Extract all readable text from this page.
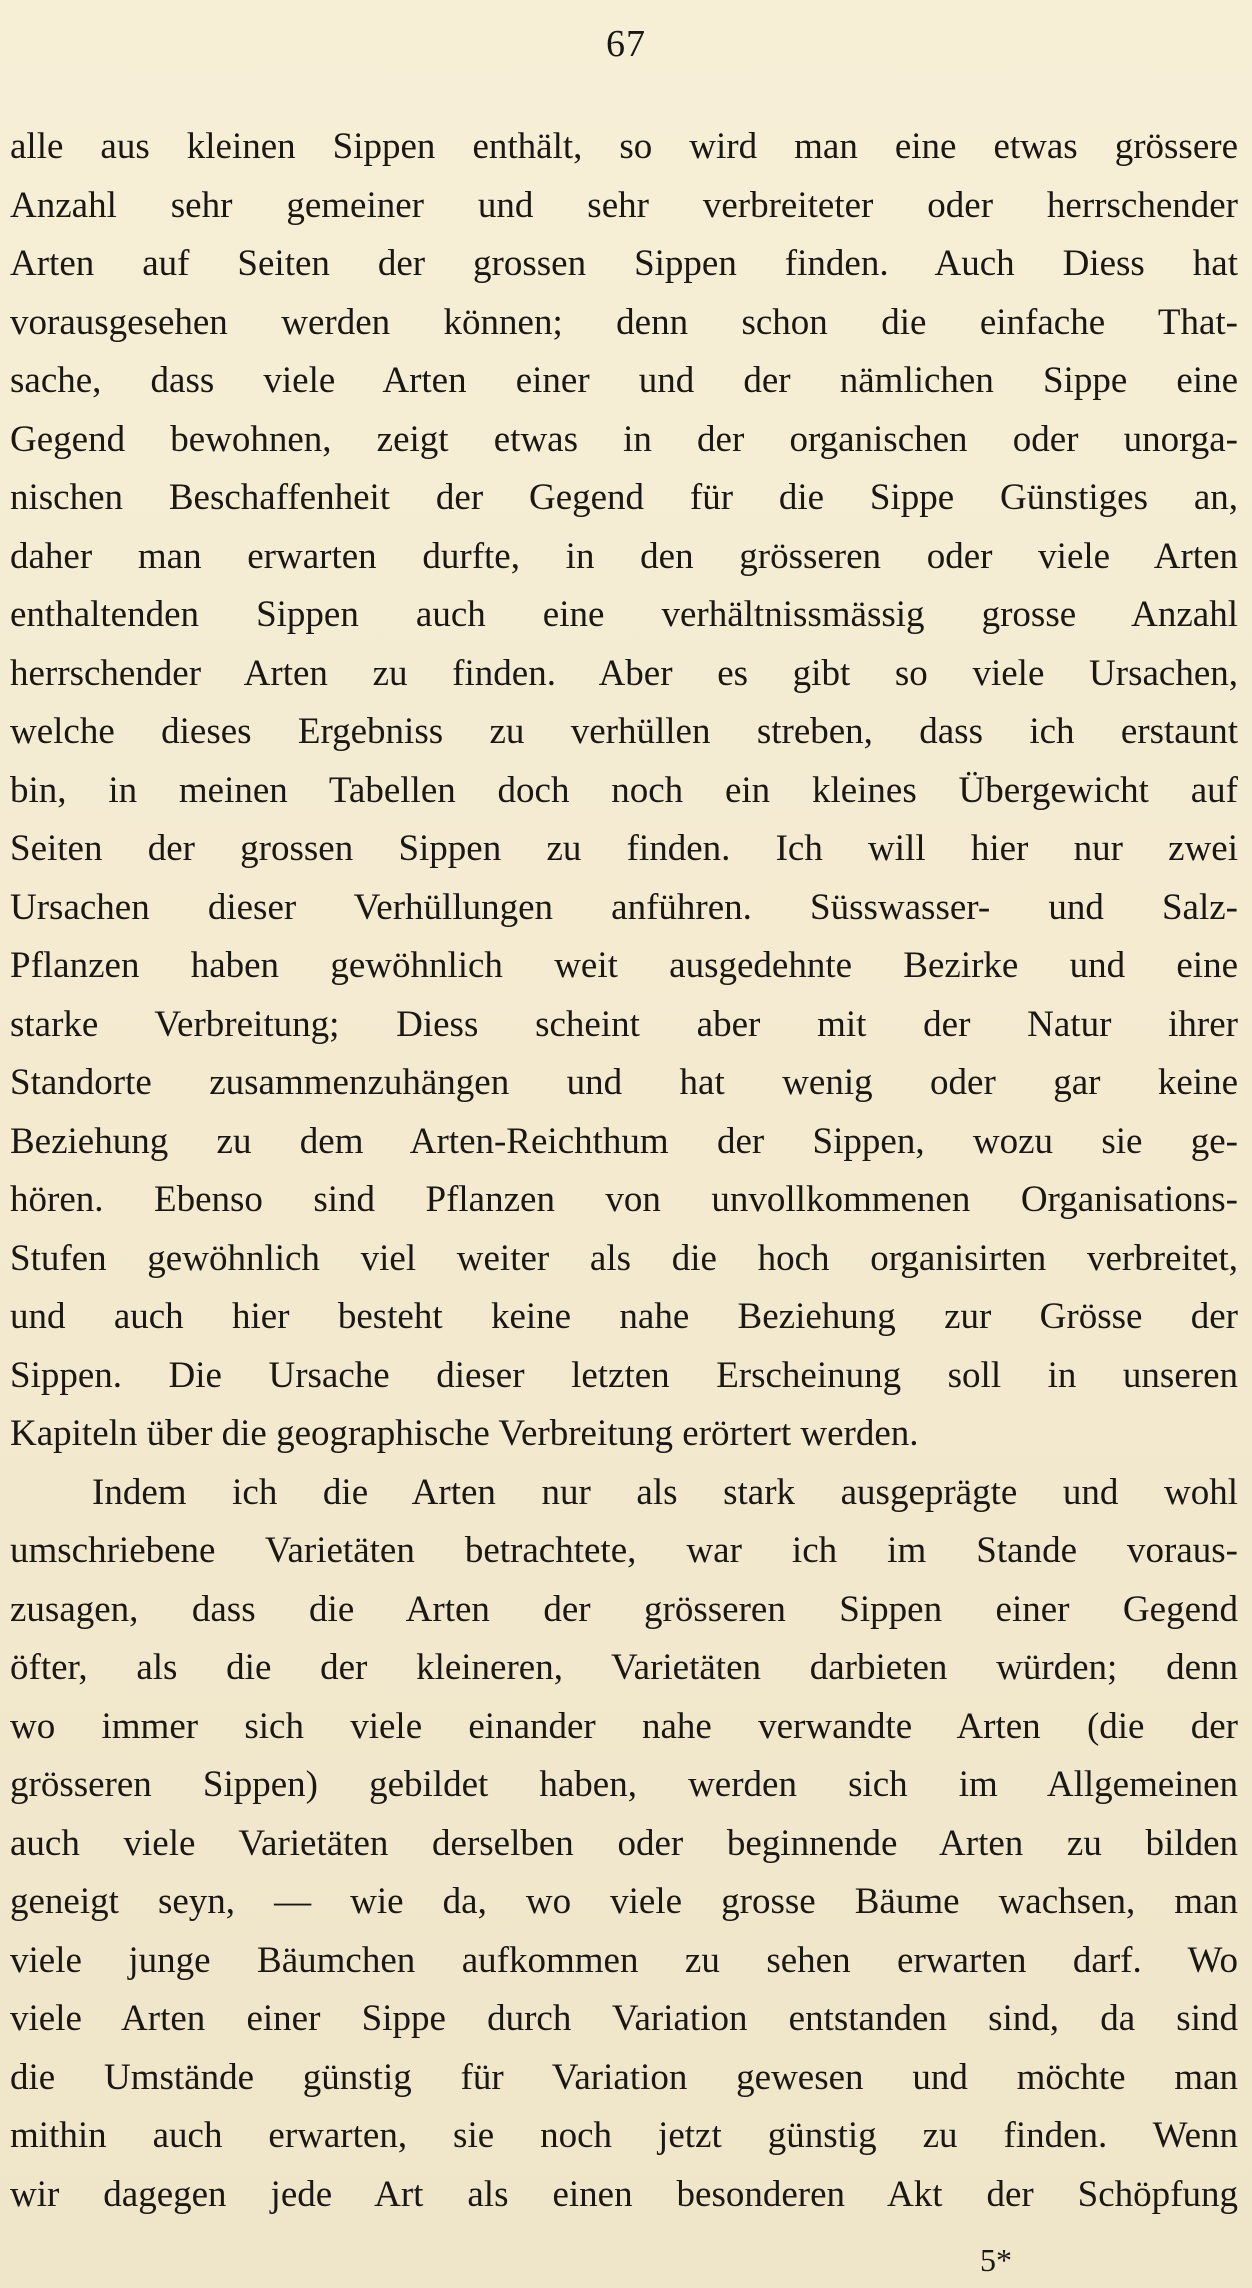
67
alle aus kleinen Sippen enthält, so wird man eine etwas grössere
Anzahl sehr gemeiner und sehr verbreiteter oder herrschender
Arten auf Seiten der grossen Sippen finden. Auch Diess hat
vorausgesehen werden können; denn schon die einfache That-
sache, dass viele Arten einer und der nämlichen Sippe eine
Gegend bewohnen, zeigt etwas in der organischen oder unorga-
nischen Beschaffenheit der Gegend für die Sippe Günstiges an,
daher man erwarten durfte, in den grösseren oder viele Arten
enthaltenden Sippen auch eine verhältnissmässig grosse Anzahl
herrschender Arten zu finden. Aber es gibt so viele Ursachen,
welche dieses Ergebniss zu verhüllen streben, dass ich erstaunt
bin, in meinen Tabellen doch noch ein kleines Übergewicht auf
Seiten der grossen Sippen zu finden. Ich will hier nur zwei
Ursachen dieser Verhüllungen anführen. Süsswasser- und Salz-
Pflanzen haben gewöhnlich weit ausgedehnte Bezirke und eine
starke Verbreitung; Diess scheint aber mit der Natur ihrer
Standorte zusammenzuhängen und hat wenig oder gar keine
Beziehung zu dem Arten-Reichthum der Sippen, wozu sie ge-
hören. Ebenso sind Pflanzen von unvollkommenen Organisations-
Stufen gewöhnlich viel weiter als die hoch organisirten verbreitet,
und auch hier besteht keine nahe Beziehung zur Grösse der
Sippen. Die Ursache dieser letzten Erscheinung soll in unseren
Kapiteln über die geographische Verbreitung erörtert werden.
Indem ich die Arten nur als stark ausgeprägte und wohl
umschriebene Varietäten betrachtete, war ich im Stande voraus-
zusagen, dass die Arten der grösseren Sippen einer Gegend
öfter, als die der kleineren, Varietäten darbieten würden; denn
wo immer sich viele einander nahe verwandte Arten (die der
grösseren Sippen) gebildet haben, werden sich im Allgemeinen
auch viele Varietäten derselben oder beginnende Arten zu bilden
geneigt seyn, — wie da, wo viele grosse Bäume wachsen, man
viele junge Bäumchen aufkommen zu sehen erwarten darf. Wo
viele Arten einer Sippe durch Variation entstanden sind, da sind
die Umstände günstig für Variation gewesen und möchte man
mithin auch erwarten, sie noch jetzt günstig zu finden. Wenn
wir dagegen jede Art als einen besonderen Akt der Schöpfung
5*
